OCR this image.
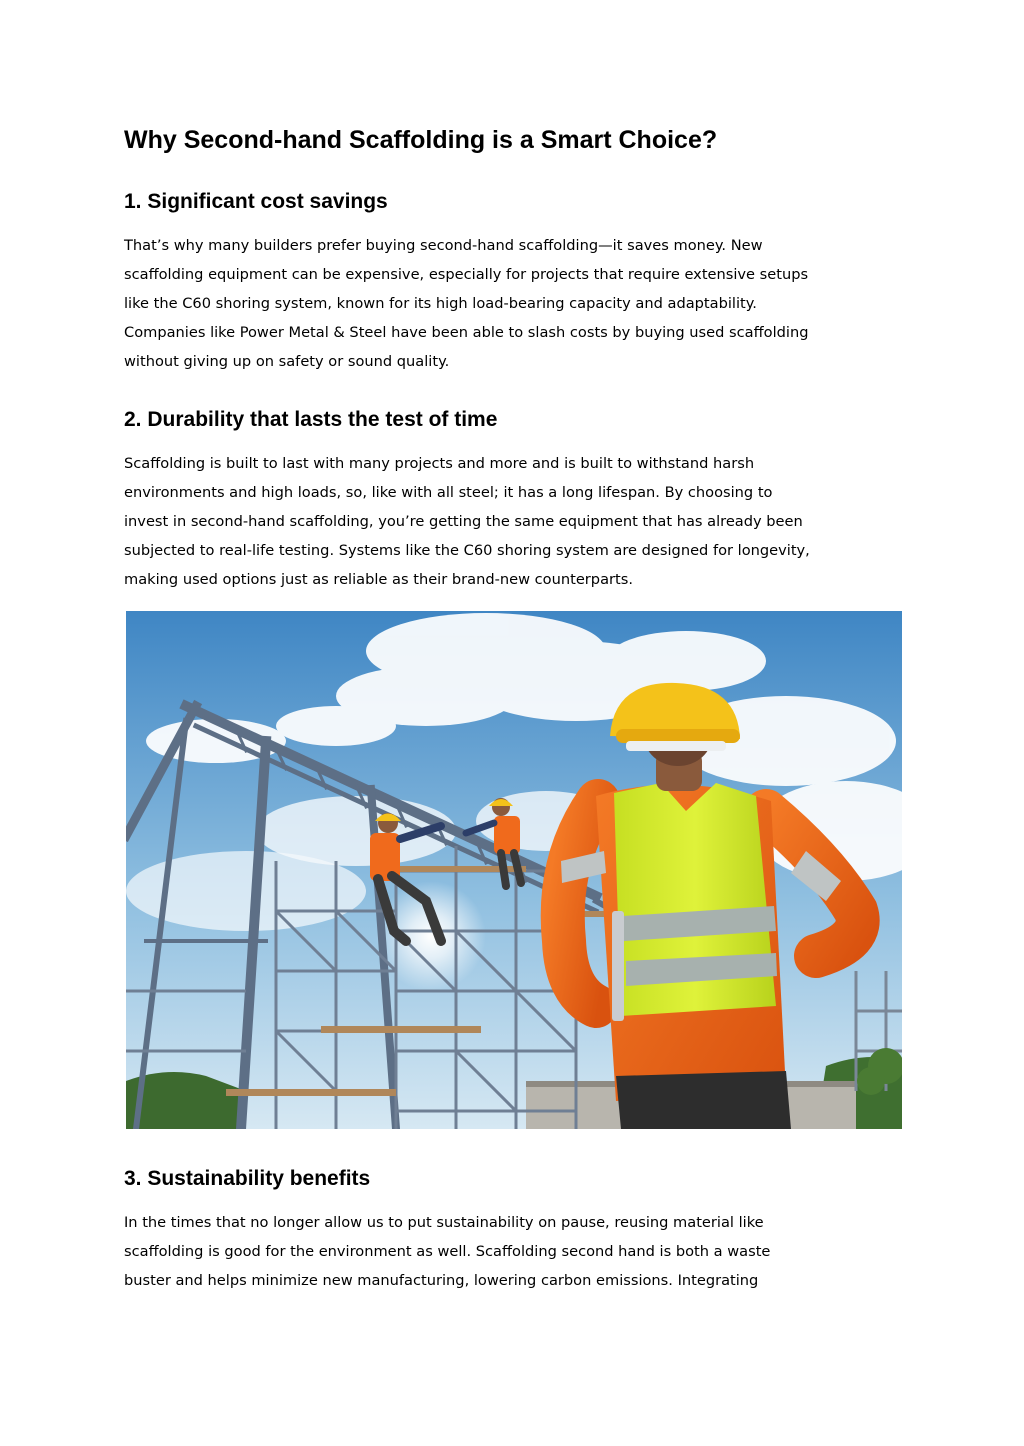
Why Second-hand Scaffolding is a Smart Choice?
1. Significant cost savings
That’s why many builders prefer buying second-hand scaffolding—it saves money. New
scaffolding equipment can be expensive, especially for projects that require extensive setups
like the C60 shoring system, known for its high load-bearing capacity and adaptability.
Companies like Power Metal & Steel have been able to slash costs by buying used scaffolding
without giving up on safety or sound quality.
2. Durability that lasts the test of time
Scaffolding is built to last with many projects and more and is built to withstand harsh
environments and high loads, so, like with all steel; it has a long lifespan. By choosing to
invest in second-hand scaffolding, you’re getting the same equipment that has already been
subjected to real-life testing. Systems like the C60 shoring system are designed for longevity,
making used options just as reliable as their brand-new counterparts.
3. Sustainability benefits
In the times that no longer allow us to put sustainability on pause, reusing material like
scaffolding is good for the environment as well. Scaffolding second hand is both a waste
buster and helps minimize new manufacturing, lowering carbon emissions. Integrating
